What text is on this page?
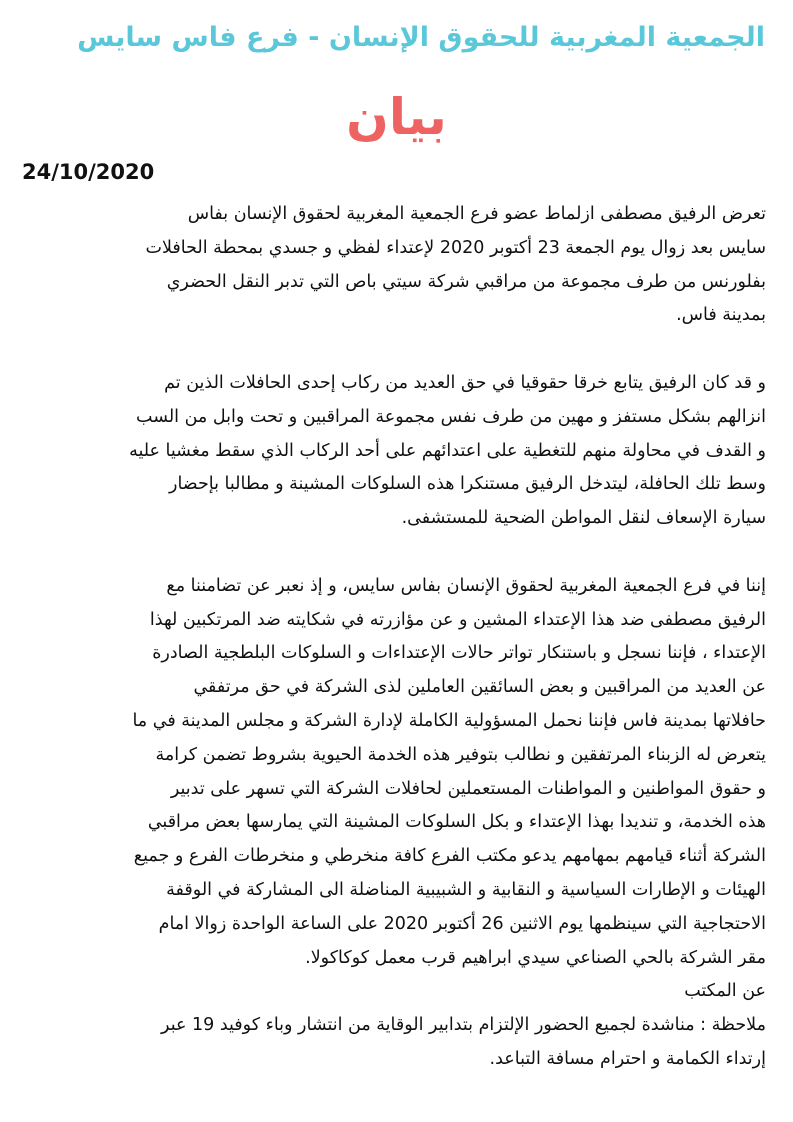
الجمعية المغربية للحقوق الإنسان - فرع فاس سايس
بيان
24/10/2020
تعرض الرفيق مصطفى ازلماط عضو فرع الجمعية المغربية لحقوق الإنسان بفاس
سايس بعد زوال يوم الجمعة 23 أكتوبر 2020 لإعتداء لفظي و جسدي بمحطة الحافلات
بفلورنس من طرف مجموعة من مراقبي شركة سيتي باص التي تدبر النقل الحضري
بمدينة فاس.
و قد كان الرفيق يتابع خرقا حقوقيا في حق العديد من ركاب إحدى الحافلات الذين تم
انزالهم بشكل مستفز و مهين من طرف نفس مجموعة المراقبين و تحت وابل من السب
و القدف في محاولة منهم للتغطية على اعتدائهم على أحد الركاب الذي سقط مغشيا عليه
وسط تلك الحافلة، ليتدخل الرفيق مستنكرا هذه السلوكات المشينة و مطالبا بإحضار
سيارة الإسعاف لنقل المواطن الضحية للمستشفى.
إننا في فرع الجمعية المغربية لحقوق الإنسان بفاس سايس، و إذ نعبر عن تضامننا مع
الرفيق مصطفى ضد هذا الإعتداء المشين و عن مؤازرته في شكايته ضد المرتكبين لهذا
الإعتداء ، فإننا نسجل و باستنكار تواتر حالات الإعتداءات و السلوكات البلطجية الصادرة
عن العديد من المراقبين و بعض السائقين العاملين لذى الشركة في حق مرتفقي
حافلاتها بمدينة فاس فإننا نحمل المسؤولية الكاملة لإدارة الشركة و مجلس المدينة في ما
يتعرض له الزبناء المرتفقين و نطالب بتوفير هذه الخدمة الحيوية بشروط تضمن كرامة
و حقوق المواطنين و المواطنات المستعملين لحافلات الشركة التي تسهر على تدبير
هذه الخدمة، و تنديدا بهذا الإعتداء و بكل السلوكات المشينة التي يمارسها بعض مراقبي
الشركة أثناء قيامهم بمهامهم يدعو مكتب الفرع كافة منخرطي و منخرطات الفرع و جميع
الهيئات و الإطارات السياسية و النقابية و الشبيبية المناضلة الى المشاركة في الوقفة
الاحتجاجية التي سينظمها يوم الاثنين 26 أكتوبر 2020 على الساعة الواحدة زوالا امام
مقر الشركة بالحي الصناعي سيدي ابراهيم قرب معمل كوكاكولا.
عن المكتب
ملاحظة : مناشدة لجميع الحضور الإلتزام بتدابير الوقاية من انتشار وباء كوفيد 19 عبر
إرتداء الكمامة و احترام مسافة التباعد.
